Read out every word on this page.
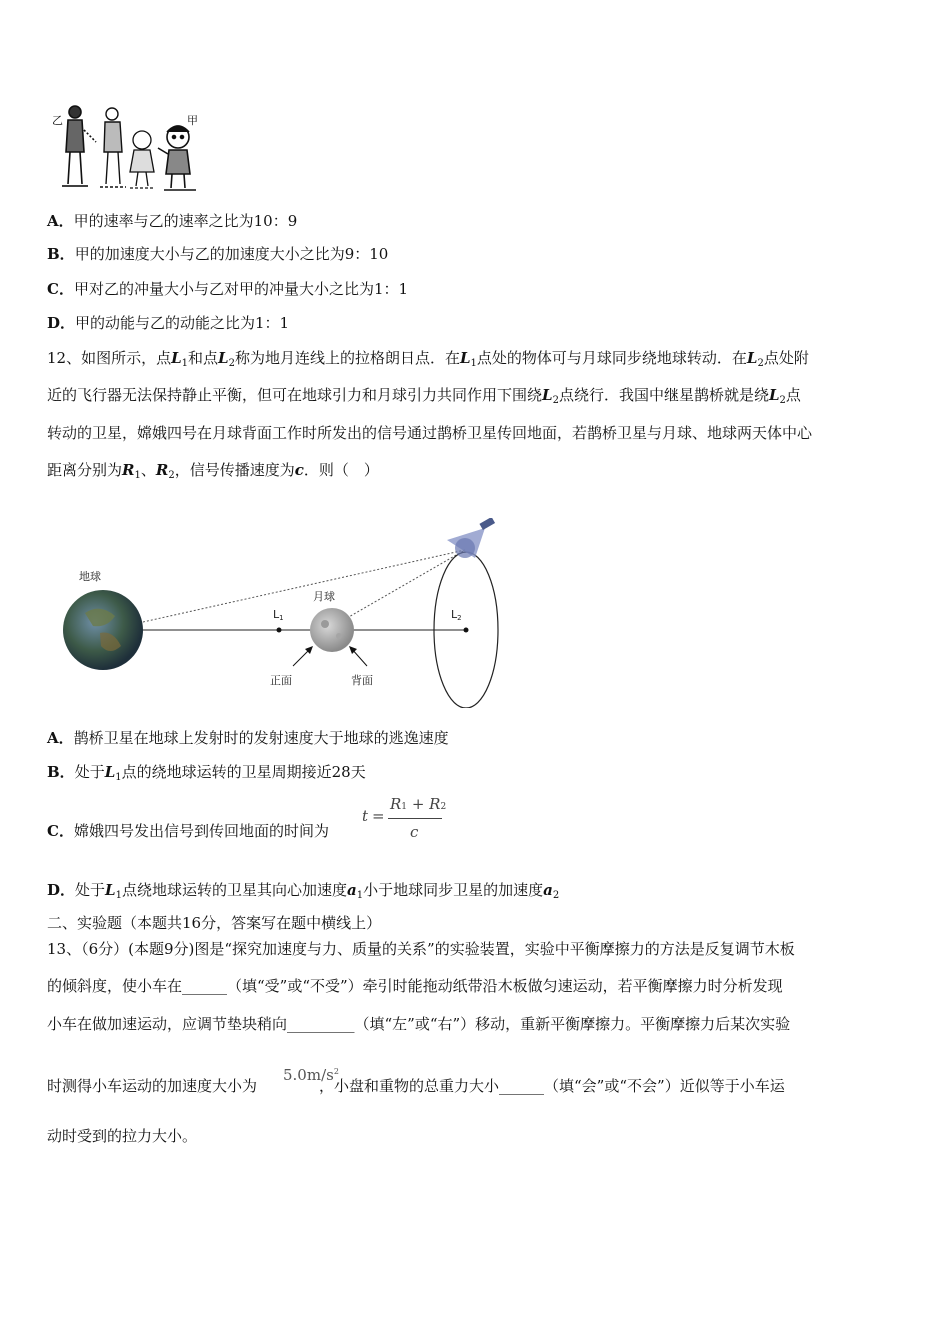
乙	甲
A．甲的速率与乙的速率之比为10：9
B．甲的加速度大小与乙的加速度大小之比为9：10
C．甲对乙的冲量大小与乙对甲的冲量大小之比为1：1
D．甲的动能与乙的动能之比为1：1
12、如图所示，点$L_1$和点$L_2$称为地月连线上的拉格朗日点．在$L_1$点处的物体可与月球同步绕地球转动．在$L_2$点处附
近的飞行器无法保持静止平衡，但可在地球引力和月球引力共同作用下围绕$L_2$点绕行．我国中继星鹊桥就是绕$L_2$点
转动的卫星，嫦娥四号在月球背面工作时所发出的信号通过鹊桥卫星传回地面，若鹊桥卫星与月球、地球两天体中心
距离分别为$R_1$、$R_2$，信号传播速度为c．则（　）
地球
L1
月球
L2
正面	背面
A．鹊桥卫星在地球上发射时的发射速度大于地球的逃逸速度
B．处于$L_1$点的绕地球运转的卫星周期接近28天
C．嫦娥四号发出信号到传回地面的时间为
t =
R1 + R2
c
D．处于$L_1$点绕地球运转的卫星其向心加速度$a_1$小于地球同步卫星的加速度$a_2$
二、实验题（本题共16分，答案写在题中横线上）
13、（6分）(本题9分)图是“探究加速度与力、质量的关系”的实验装置，实验中平衡摩擦力的方法是反复调节木板
的倾斜度，使小车在______（填“受”或“不受”）牵引时能拖动纸带沿木板做匀速运动，若平衡摩擦力时分析发现
小车在做加速运动，应调节垫块稍向_________（填“左”或“右”）移动，重新平衡摩擦力。平衡摩擦力后某次实验
时测得小车运动的加速度大小为	，小盘和重物的总重力大小______（填“会”或“不会”）近似等于小车运
$5.0m/s^2$
动时受到的拉力大小。
